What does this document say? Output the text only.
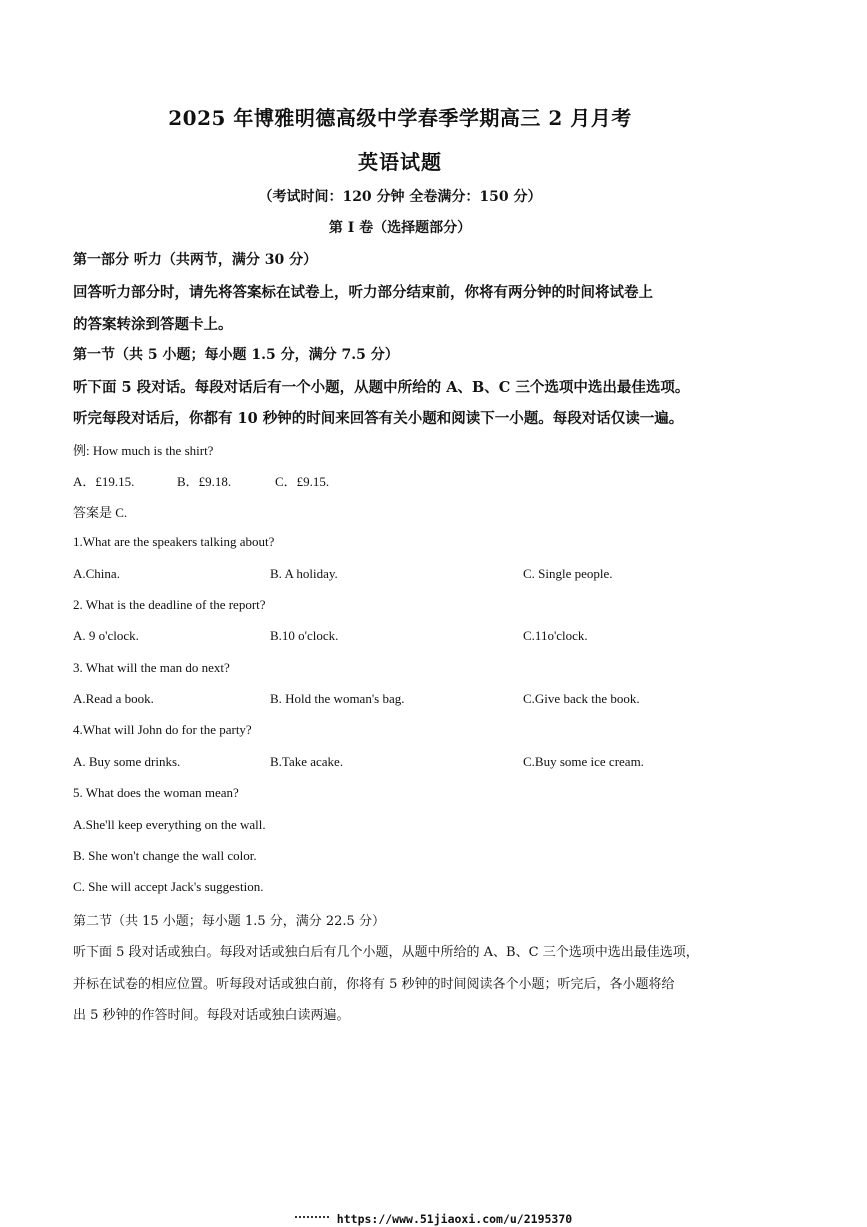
2025 年博雅明德高级中学春季学期高三 2 月月考
英语试题
（考试时间：120 分钟 全卷满分：150 分）
第 I 卷（选择题部分）
第一部分 听力（共两节，满分 30 分）
回答听力部分时，请先将答案标在试卷上，听力部分结束前，你将有两分钟的时间将试卷上
的答案转涂到答题卡上。
第一节（共 5 小题；每小题 1.5 分，满分 7.5 分）
听下面 5 段对话。每段对话后有一个小题，从题中所给的 A、B、C 三个选项中选出最佳选项。
听完每段对话后，你都有 10 秒钟的时间来回答有关小题和阅读下一小题。每段对话仅读一遍。
例: How much is the shirt?
A．£19.15.	B．£9.18.	C．£9.15.
答案是 C.
1.What are the speakers talking about?
A.China.	B. A holiday.	C. Single people.
2. What is the deadline of the report?
A. 9 o'clock.	B.10 o'clock.	C.11o'clock.
3. What will the man do next?
A.Read a book.	B. Hold the woman's bag.	C.Give back the book.
4.What will John do for the party?
A. Buy some drinks.	B.Take acake.	C.Buy some ice cream.
5. What does the woman mean?
A.She'll keep everything on the wall.
B. She won't change the wall color.
C. She will accept Jack's suggestion.
第二节（共 15 小题；每小题 1.5 分，满分 22.5 分）
听下面 5 段对话或独白。每段对话或独白后有几个小题，从题中所给的 A、B、C 三个选项中选出最佳选项，
并标在试卷的相应位置。听每段对话或独白前，你将有 5 秒钟的时间阅读各个小题；听完后，各小题将给
出 5 秒钟的作答时间。每段对话或独白读两遍。
https://www.51jiaoxi.com/u/2195370
